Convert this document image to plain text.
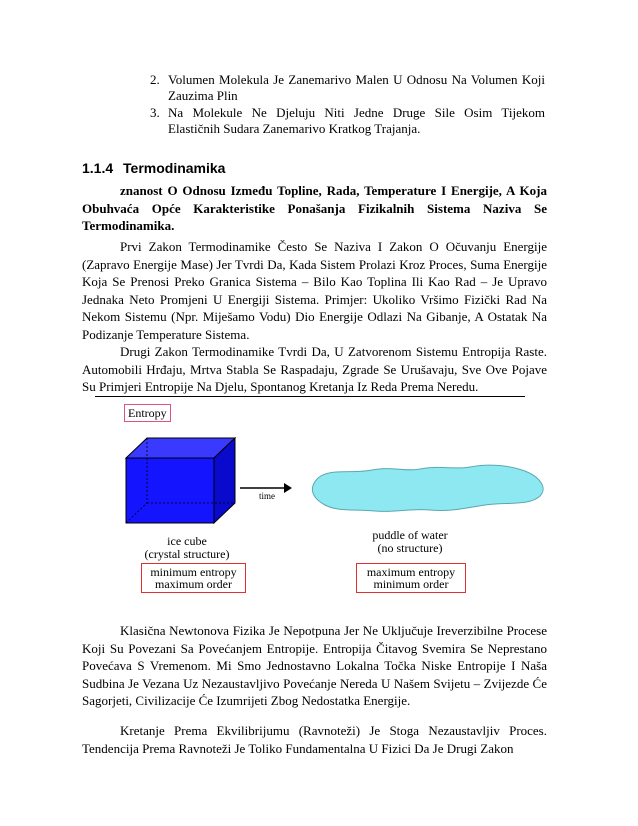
2. Volumen Molekula Je Zanemarivo Malen U Odnosu Na Volumen Koji Zauzima Plin
3. Na Molekule Ne Djeluju Niti Jedne Druge Sile Osim Tijekom Elastičnih Sudara Zanemarivo Kratkog Trajanja.
1.1.4 Termodinamika
znanost O Odnosu Između Topline, Rada, Temperature I Energije, A Koja Obuhvaća Opće Karakteristike Ponašanja Fizikalnih Sistema Naziva Se Termodinamika.
Prvi Zakon Termodinamike Često Se Naziva I Zakon O Očuvanju Energije (Zapravo Energije Mase) Jer Tvrdi Da, Kada Sistem Prolazi Kroz Proces, Suma Energije Koja Se Prenosi Preko Granica Sistema – Bilo Kao Toplina Ili Kao Rad – Je Upravo Jednaka Neto Promjeni U Energiji Sistema. Primjer: Ukoliko Vršimo Fizički Rad Na Nekom Sistemu (Npr. Miješamo Vodu) Dio Energije Odlazi Na Gibanje, A Ostatak Na Podizanje Temperature Sistema.
Drugi Zakon Termodinamike Tvrdi Da, U Zatvorenom Sistemu Entropija Raste. Automobili Hrđaju, Mrtva Stabla Se Raspadaju, Zgrade Se Urušavaju, Sve Ove Pojave Su Primjeri Entropije Na Djelu, Spontanog Kretanja Iz Reda Prema Neredu.
Entropy
time
ice cube
(crystal structure)
minimum entropy
maximum order
puddle of water
(no structure)
maximum entropy
minimum order
Klasična Newtonova Fizika Je Nepotpuna Jer Ne Uključuje Ireverzibilne Procese Koji Su Povezani Sa Povećanjem Entropije. Entropija Čitavog Svemira Se Neprestano Povećava S Vremenom. Mi Smo Jednostavno Lokalna Točka Niske Entropije I Naša Sudbina Je Vezana Uz Nezaustavljivo Povećanje Nereda U Našem Svijetu – Zvijezde Će Sagorjeti, Civilizacije Će Izumrijeti Zbog Nedostatka Energije.
Kretanje Prema Ekvilibrijumu (Ravnoteži) Je Stoga Nezaustavljiv Proces. Tendencija Prema Ravnoteži Je Toliko Fundamentalna U Fizici Da Je Drugi Zakon
